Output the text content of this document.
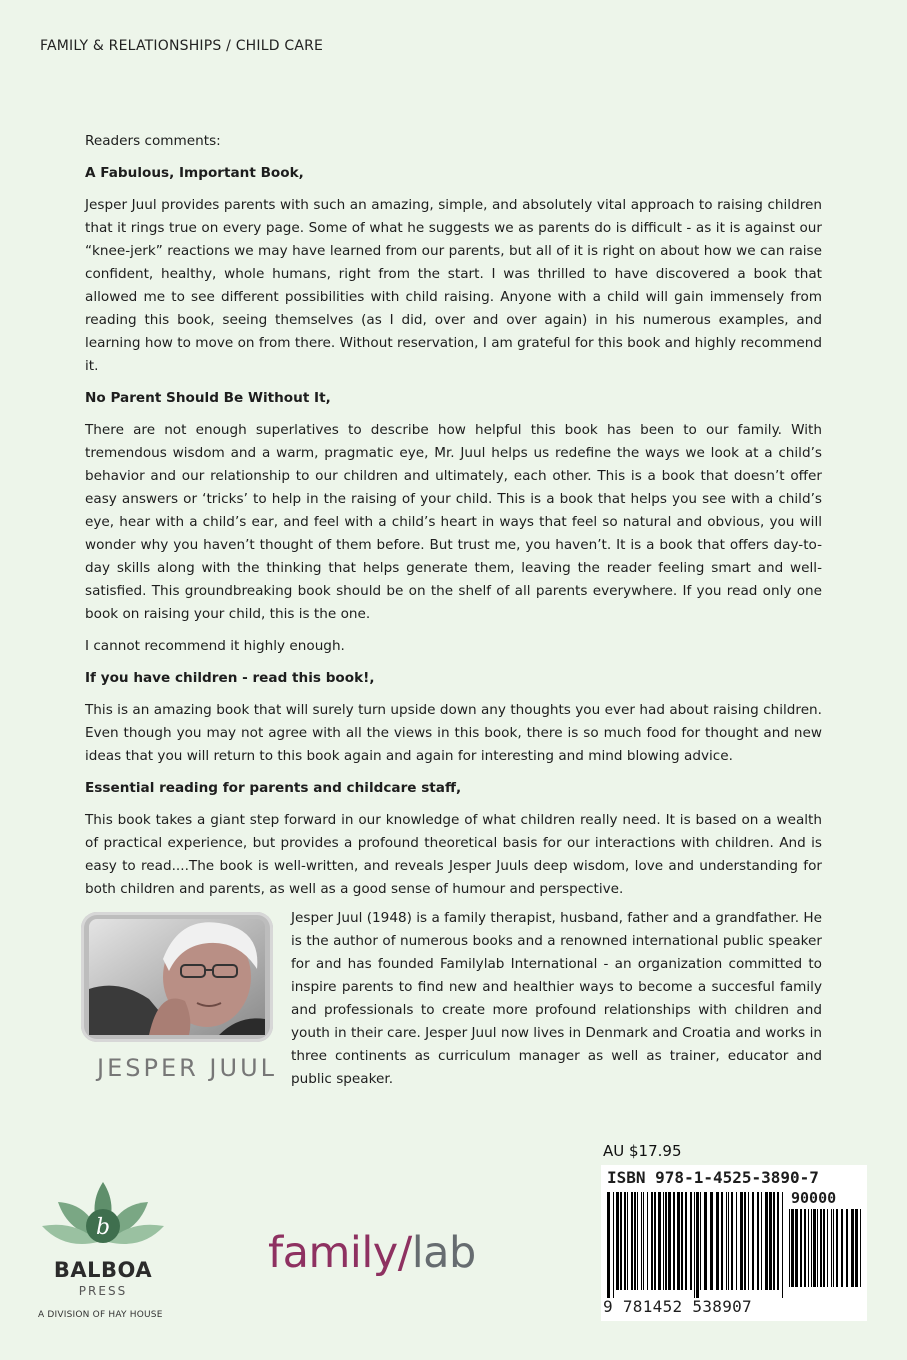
FAMILY & RELATIONSHIPS / CHILD CARE

Readers comments:

A Fabulous, Important Book,

Jesper Juul provides parents with such an amazing, simple, and absolutely vital approach to raising children that it rings true on every page. Some of what he suggests we as parents do is difficult - as it is against our “knee-jerk” reactions we may have learned from our parents, but all of it is right on about how we can raise confident, healthy, whole humans, right from the start. I was thrilled to have discovered a book that allowed me to see different possibilities with child raising. Anyone with a child will gain immensely from reading this book, seeing themselves (as I did, over and over again) in his numerous examples, and learning how to move on from there. Without reservation, I am grateful for this book and highly recommend it.

No Parent Should Be Without It,

There are not enough superlatives to describe how helpful this book has been to our family. With tremendous wisdom and a warm, pragmatic eye, Mr. Juul helps us redefine the ways we look at a child’s behavior and our relationship to our children and ultimately, each other. This is a book that doesn’t offer easy answers or ‘tricks’ to help in the raising of your child. This is a book that helps you see with a child’s eye, hear with a child’s ear, and feel with a child’s heart in ways that feel so natural and obvious, you will wonder why you haven’t thought of them before. But trust me, you haven’t. It is a book that offers day-to-day skills along with the thinking that helps generate them, leaving the reader feeling smart and well-satisfied. This groundbreaking book should be on the shelf of all parents everywhere. If you read only one book on raising your child, this is the one.

I cannot recommend it highly enough.

If you have children - read this book!,

This is an amazing book that will surely turn upside down any thoughts you ever had about raising children. Even though you may not agree with all the views in this book, there is so much food for thought and new ideas that you will return to this book again and again for interesting and mind blowing advice.

Essential reading for parents and childcare staff,

This book takes a giant step forward in our knowledge of what children really need. It is based on a wealth of practical experience, but provides a profound theoretical basis for our interactions with children. And is easy to read....The book is well-written, and reveals Jesper Juuls deep wisdom, love and understanding for both children and parents, as well as a good sense of humour and perspective.

JESPER JUUL
Jesper Juul (1948) is a family therapist, husband, father and a grandfather. He is the author of numerous books and a renowned international public speaker for and has founded Familylab International - an organization committed to inspire parents to find new and healthier ways to become a succesful family and professionals to create more profound relationships with children and youth in their care. Jesper Juul now lives in Denmark and Croatia and works in three continents as curriculum manager as well as trainer, educator and public speaker.
AU $17.95
ISBN 978-1-4525-3890-7
90000
9 781452 538907
b
BALBOA
PRESS
A DIVISION OF HAY HOUSE
family/lab
